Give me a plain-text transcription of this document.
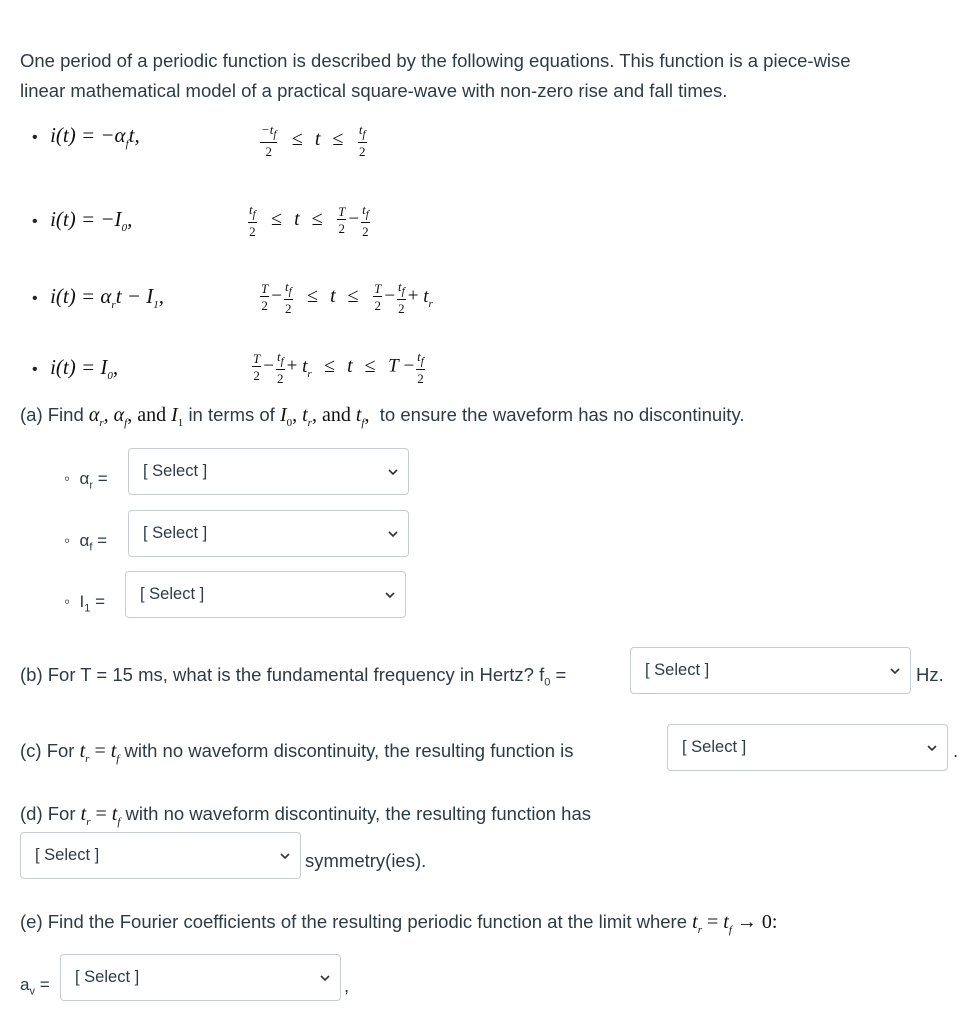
One period of a periodic function is described by the following equations. This function is a piece-wise
linear mathematical model of a practical square-wave with non-zero rise and fall times.
• $i(t) = -\alpha_ft$,	$\frac{-t_f}{2} \le t \le \frac{t_f}{2}$
• $i(t) = -I_0$,	$\frac{t_f}{2} \le t \le \frac{T}{2} - \frac{t_f}{2}$
• $i(t) = \alpha_rt - I_1$,	$\frac{T}{2} - \frac{t_f}{2} \le t \le \frac{T}{2} - \frac{t_f}{2} + t_r$
• $i(t) = I_0$,	$\frac{T}{2} - \frac{t_f}{2} + t_r \le t \le T - \frac{t_f}{2}$
(a) Find $\alpha_r$, $\alpha_f$, and $I_1$ in terms of $I_0$, $t_r$, and $t_f$, to ensure the waveform has no discontinuity.
◦ $\alpha_r$ = [ Select ]
◦ $\alpha_f$ = [ Select ]
◦ $I_1$ = [ Select ]
(b) For T = 15 ms, what is the fundamental frequency in Hertz? $f_0$ =	[ Select ]	Hz.
(c) For $t_r = t_f$ with no waveform discontinuity, the resulting function is	[ Select ]	.
(d) For $t_r = t_f$ with no waveform discontinuity, the resulting function has
[ Select ]	symmetry(ies).
(e) Find the Fourier coefficients of the resulting periodic function at the limit where $t_r = t_f \to 0$:
$a_v$ = [ Select ]	,
